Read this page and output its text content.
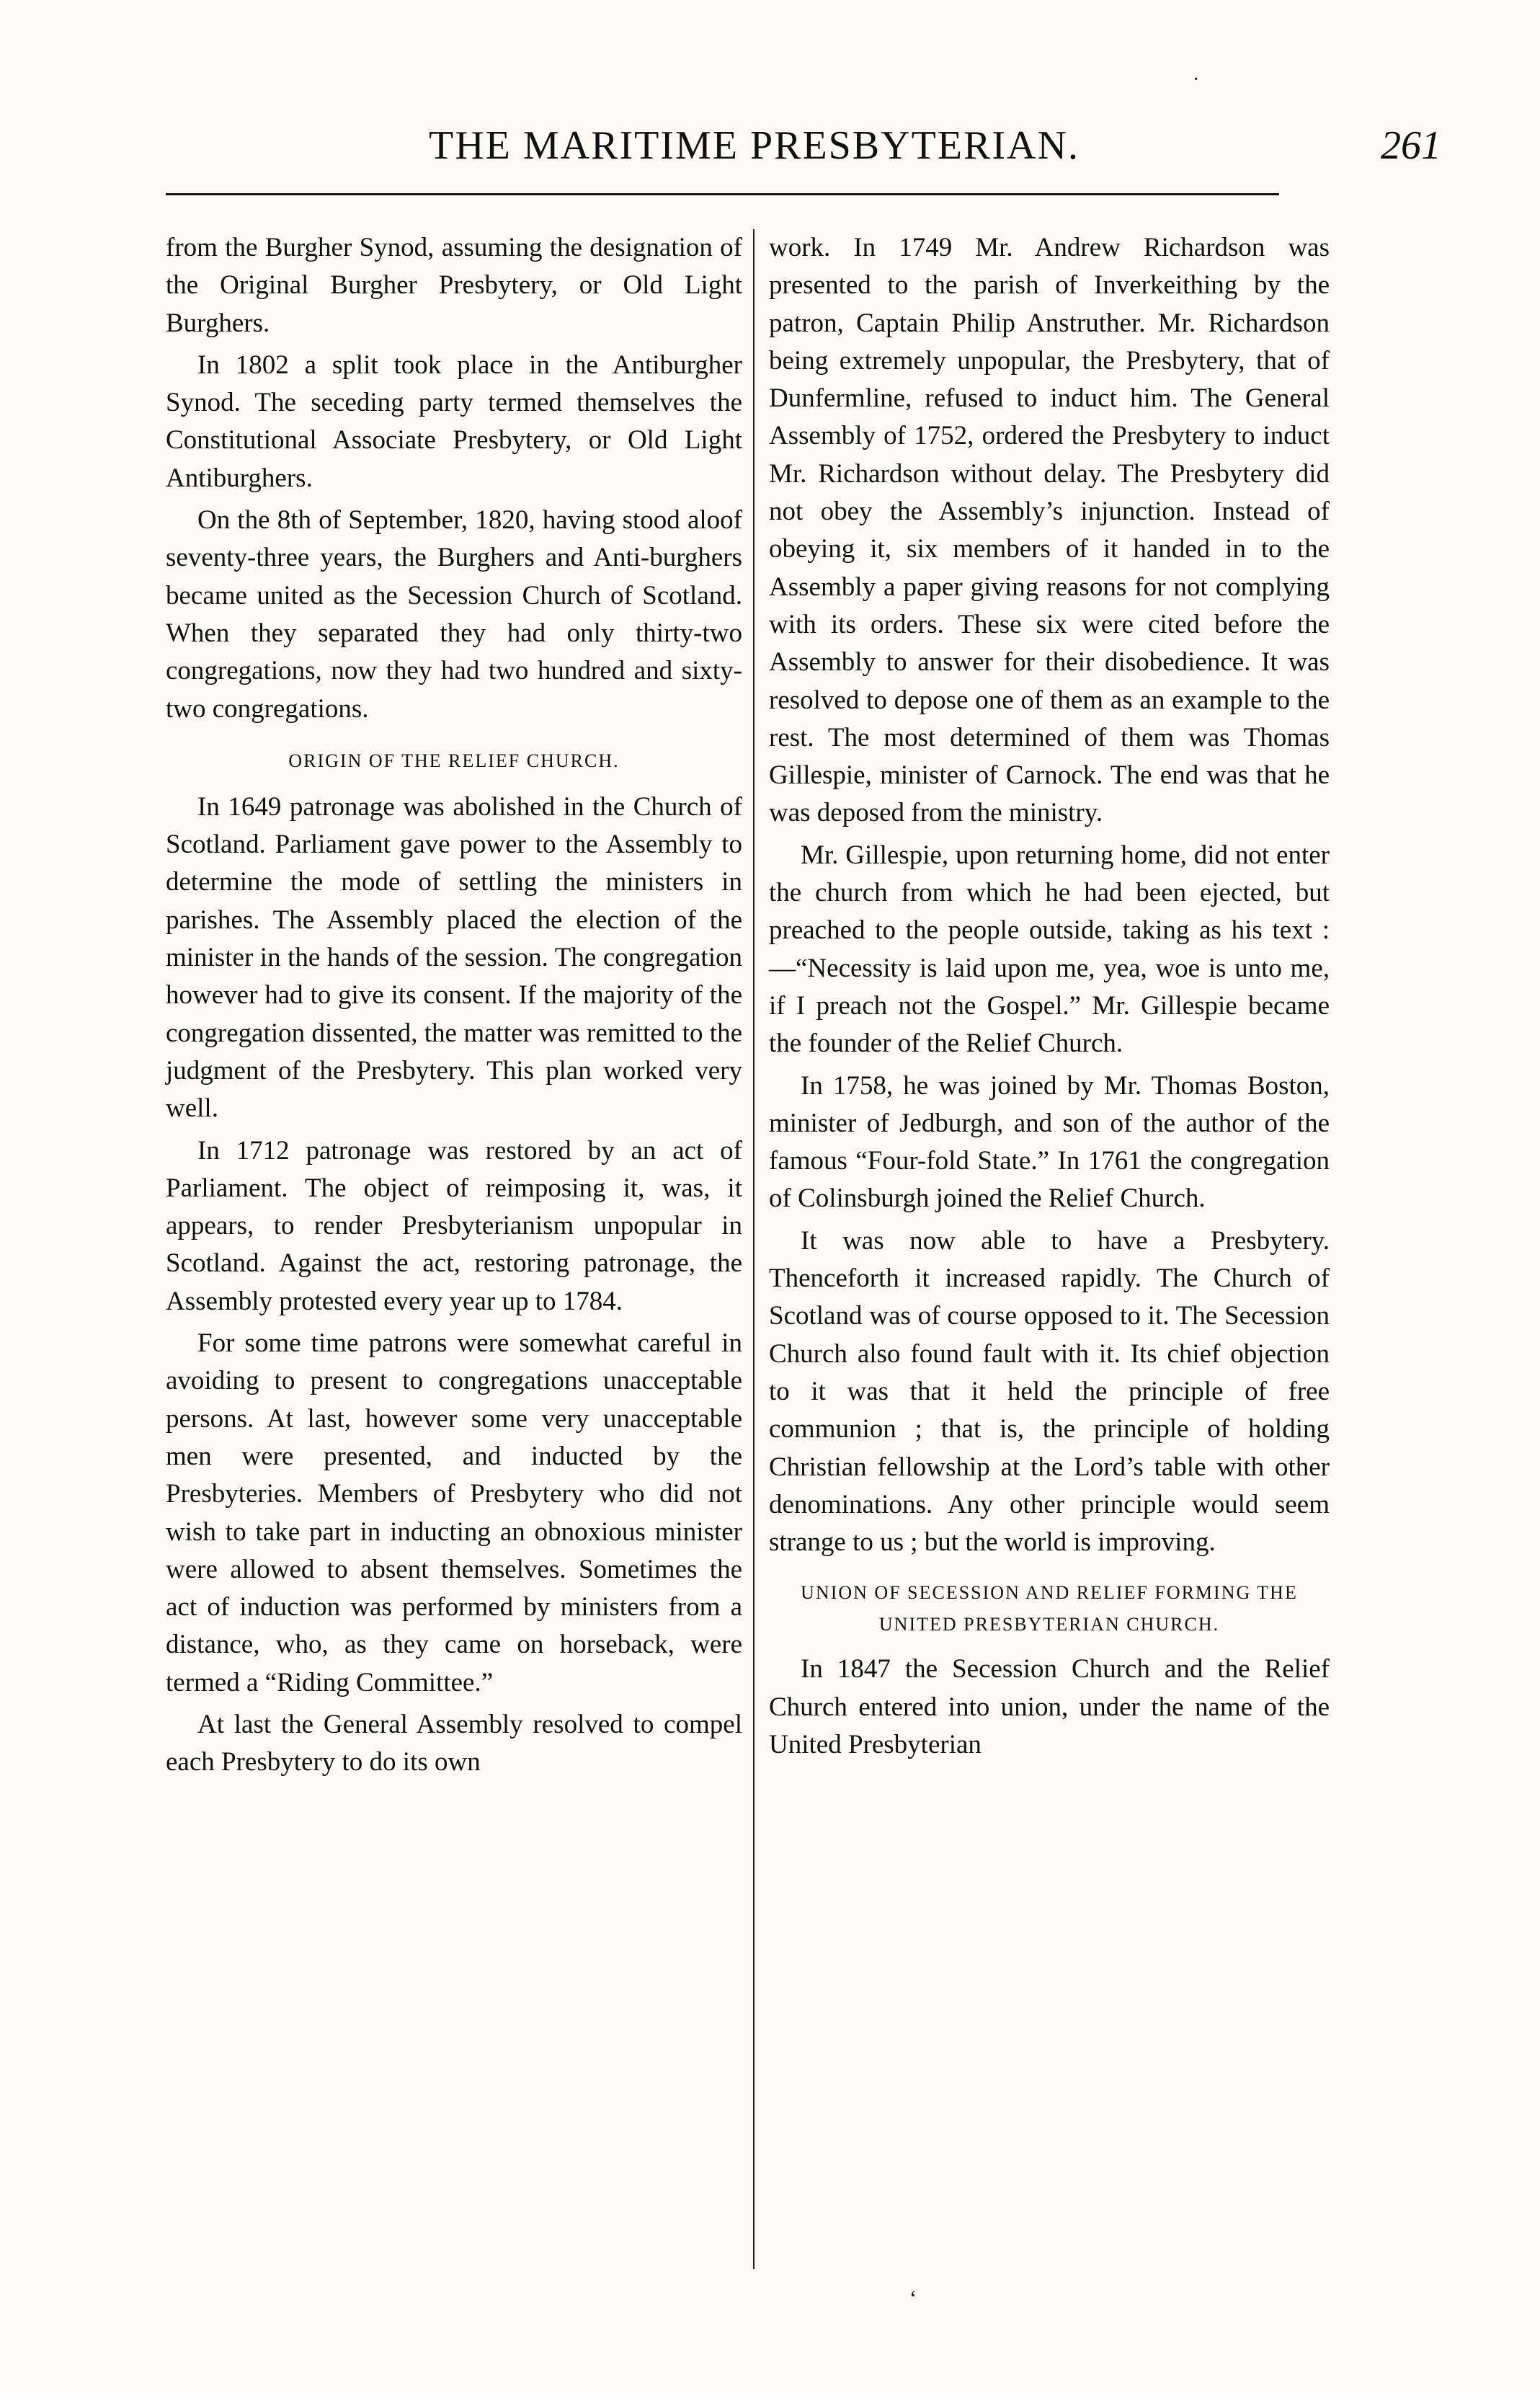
·
THE MARITIME PRESBYTERIAN.	261

from the Burgher Synod, assuming the designation of the Original Burgher Presbytery, or Old Light Burghers.

In 1802 a split took place in the Antiburgher Synod. The seceding party termed themselves the Constitutional Associate Presbytery, or Old Light Antiburghers.

On the 8th of September, 1820, having stood aloof seventy-three years, the Burghers and Anti-burghers became united as the Secession Church of Scotland. When they separated they had only thirty-two congregations, now they had two hundred and sixty-two congregations.

ORIGIN OF THE RELIEF CHURCH.

In 1649 patronage was abolished in the Church of Scotland. Parliament gave power to the Assembly to determine the mode of settling the ministers in parishes. The Assembly placed the election of the minister in the hands of the session. The congregation however had to give its consent. If the majority of the congregation dissented, the matter was remitted to the judgment of the Presbytery. This plan worked very well.

In 1712 patronage was restored by an act of Parliament. The object of reimposing it, was, it appears, to render Presbyterianism unpopular in Scotland. Against the act, restoring patronage, the Assembly protested every year up to 1784.

For some time patrons were somewhat careful in avoiding to present to congregations unacceptable persons. At last, however some very unacceptable men were presented, and inducted by the Presbyteries. Members of Presbytery who did not wish to take part in inducting an obnoxious minister were allowed to absent themselves. Sometimes the act of induction was performed by ministers from a distance, who, as they came on horseback, were termed a “Riding Committee.”

At last the General Assembly resolved to compel each Presbytery to do its own

work. In 1749 Mr. Andrew Richardson was presented to the parish of Inverkeithing by the patron, Captain Philip Anstruther. Mr. Richardson being extremely unpopular, the Presbytery, that of Dunfermline, refused to induct him. The General Assembly of 1752, ordered the Presbytery to induct Mr. Richardson without delay. The Presbytery did not obey the Assembly’s injunction. Instead of obeying it, six members of it handed in to the Assembly a paper giving reasons for not complying with its orders. These six were cited before the Assembly to answer for their disobedience. It was resolved to depose one of them as an example to the rest. The most determined of them was Thomas Gillespie, minister of Carnock. The end was that he was deposed from the ministry.

Mr. Gillespie, upon returning home, did not enter the church from which he had been ejected, but preached to the people outside, taking as his text :—“Necessity is laid upon me, yea, woe is unto me, if I preach not the Gospel.” Mr. Gillespie became the founder of the Relief Church.

In 1758, he was joined by Mr. Thomas Boston, minister of Jedburgh, and son of the author of the famous “Four-fold State.” In 1761 the congregation of Colinsburgh joined the Relief Church.

It was now able to have a Presbytery. Thenceforth it increased rapidly. The Church of Scotland was of course opposed to it. The Secession Church also found fault with it. Its chief objection to it was that it held the principle of free communion ; that is, the principle of holding Christian fellowship at the Lord’s table with other denominations. Any other principle would seem strange to us ; but the world is improving.

UNION OF SECESSION AND RELIEF FORMING THE UNITED PRESBYTERIAN CHURCH.

In 1847 the Secession Church and the Relief Church entered into union, under the name of the United Presbyterian

‘
